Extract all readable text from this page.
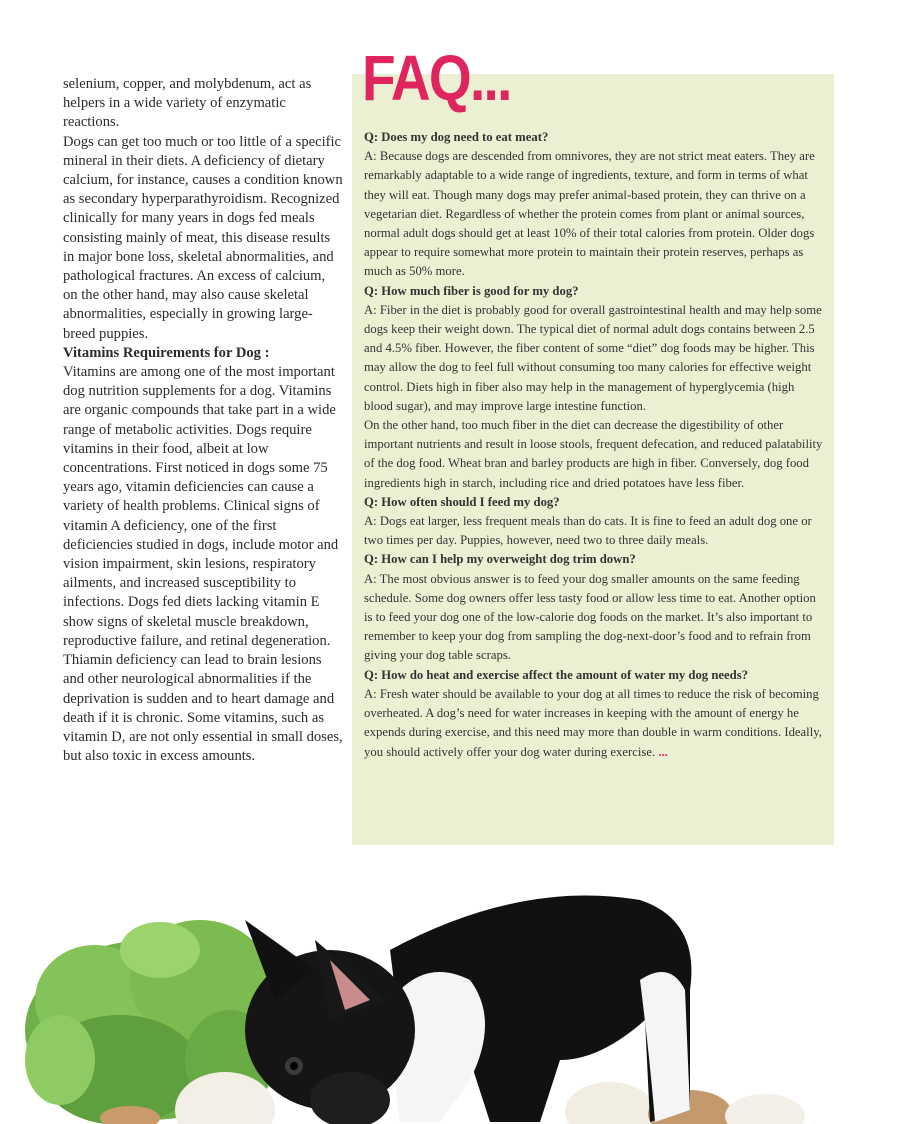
selenium, copper, and molybdenum, act as helpers in a wide variety of enzymatic reactions.

Dogs can get too much or too little of a specific mineral in their diets. A deficiency of dietary calcium, for instance, causes a condition known as secondary hyperparathyroidism. Recognized clinically for many years in dogs fed meals consisting mainly of meat, this disease results in major bone loss, skeletal abnormalities, and pathological fractures. An excess of calcium, on the other hand, may also cause skeletal abnormalities, especially in growing large-breed puppies.

Vitamins Requirements for Dog :

Vitamins are among one of the most important dog nutrition supplements for a dog. Vitamins are organic compounds that take part in a wide range of metabolic activities. Dogs require vitamins in their food, albeit at low concentrations. First noticed in dogs some 75 years ago, vitamin deficiencies can cause a variety of health problems. Clinical signs of vitamin A deficiency, one of the first deficiencies studied in dogs, include motor and vision impairment, skin lesions, respiratory ailments, and increased susceptibility to infections. Dogs fed diets lacking vitamin E show signs of skeletal muscle breakdown, reproductive failure, and retinal degeneration. Thiamin deficiency can lead to brain lesions and other neurological abnormalities if the deprivation is sudden and to heart damage and death if it is chronic. Some vitamins, such as vitamin D, are not only essential in small doses, but also toxic in excess amounts.

FAQ...

Q: Does my dog need to eat meat?

A: Because dogs are descended from omnivores, they are not strict meat eaters. They are remarkably adaptable to a wide range of ingredients, texture, and form in terms of what they will eat. Though many dogs may prefer animal-based protein, they can thrive on a vegetarian diet. Regardless of whether the protein comes from plant or animal sources, normal adult dogs should get at least 10% of their total calories from protein. Older dogs appear to require somewhat more protein to maintain their protein reserves, perhaps as much as 50% more.

Q: How much fiber is good for my dog?

A: Fiber in the diet is probably good for overall gastrointestinal health and may help some dogs keep their weight down. The typical diet of normal adult dogs contains between 2.5 and 4.5% fiber. However, the fiber content of some “diet” dog foods may be higher. This may allow the dog to feel full without consuming too many calories for effective weight control. Diets high in fiber also may help in the management of hyperglycemia (high blood sugar), and may improve large intestine function.

On the other hand, too much fiber in the diet can decrease the digestibility of other important nutrients and result in loose stools, frequent defecation, and reduced palatability of the dog food. Wheat bran and barley products are high in fiber. Conversely, dog food ingredients high in starch, including rice and dried potatoes have less fiber.

Q: How often should I feed my dog?

A: Dogs eat larger, less frequent meals than do cats. It is fine to feed an adult dog one or two times per day. Puppies, however, need two to three daily meals.

Q: How can I help my overweight dog trim down?

A: The most obvious answer is to feed your dog smaller amounts on the same feeding schedule. Some dog owners offer less tasty food or allow less time to eat. Another option is to feed your dog one of the low-calorie dog foods on the market. It’s also important to remember to keep your dog from sampling the dog-next-door’s food and to refrain from giving your dog table scraps.

Q: How do heat and exercise affect the amount of water my dog needs?

A: Fresh water should be available to your dog at all times to reduce the risk of becoming overheated. A dog’s need for water increases in keeping with the amount of energy he expends during exercise, and this need may more than double in warm conditions. Ideally, you should actively offer your dog water during exercise. ...
